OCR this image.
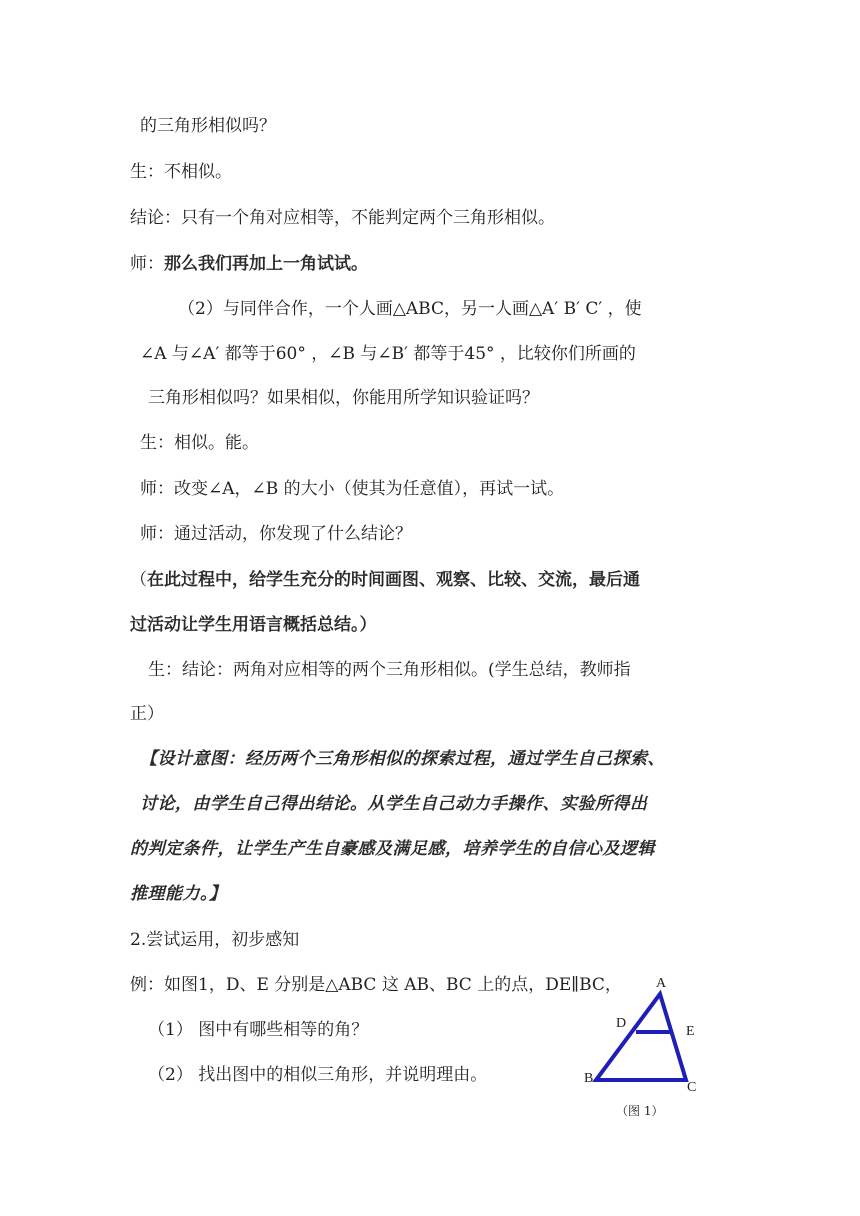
的三角形相似吗？
生：不相似。
结论：只有一个角对应相等，不能判定两个三角形相似。
师：那么我们再加上一角试试。
（2）与同伴合作，一个人画△ABC，另一人画△A′ B′ C′ ，使
∠A 与∠A′ 都等于60° ，∠B 与∠B′ 都等于45° ，比较你们所画的
三角形相似吗？如果相似，你能用所学知识验证吗？
生：相似。能。
师：改变∠A，∠B 的大小（使其为任意值），再试一试。
师：通过活动，你发现了什么结论？
（在此过程中，给学生充分的时间画图、观察、比较、交流，最后通
过活动让学生用语言概括总结。）
生：结论：两角对应相等的两个三角形相似。(学生总结，教师指
正）
【设计意图：经历两个三角形相似的探索过程，通过学生自己探索、
讨论，由学生自己得出结论。从学生自己动力手操作、实验所得出
的判定条件，让学生产生自豪感及满足感，培养学生的自信心及逻辑
推理能力。】
2.尝试运用，初步感知
例：如图1，D、E 分别是△ABC 这 AB、BC 上的点，DE∥BC，
（1） 图中有哪些相等的角？
（2） 找出图中的相似三角形，并说明理由。
A
D
E
B
C
（图 1）
